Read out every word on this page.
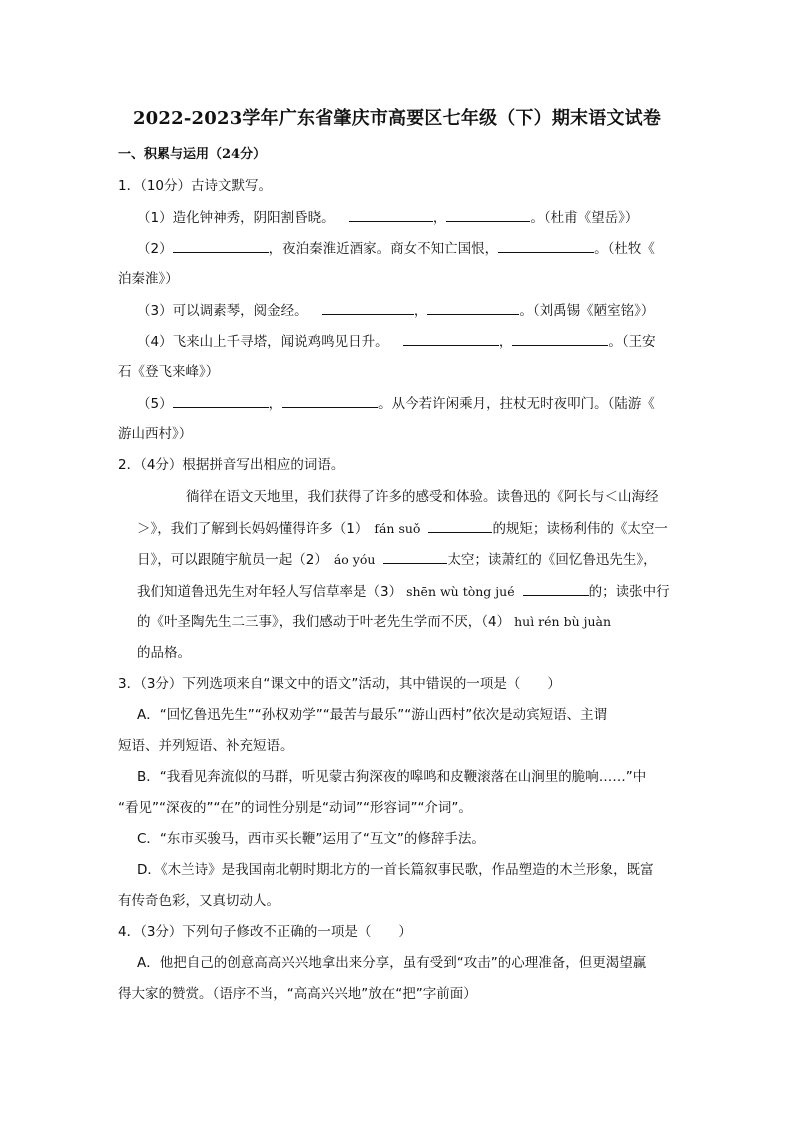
2022-2023学年广东省肇庆市高要区七年级（下）期末语文试卷
一、积累与运用（24分）
1．（10分）古诗文默写。
（1）造化钟神秀，阴阳割昏晓。	，	。（杜甫《望岳》）
（2）	，夜泊秦淮近酒家。商女不知亡国恨，	。（杜牧《
泊秦淮》）
（3）可以调素琴，阅金经。	，	。（刘禹锡《陋室铭》）
（4）飞来山上千寻塔，闻说鸡鸣见日升。	，	。（王安
石《登飞来峰》）
（5）	，	。从今若许闲乘月，拄杖无时夜叩门。（陆游《
游山西村》）
2．（4分）根据拼音写出相应的词语。
徜徉在语文天地里，我们获得了许多的感受和体验。读鲁迅的《阿长与＜山海经
＞》，我们了解到长妈妈懂得许多（1） fán suǒ	的规矩；读杨利伟的《太空一
日》，可以跟随宇航员一起（2） áo yóu	太空；读萧红的《回忆鲁迅先生》，
我们知道鲁迅先生对年轻人写信草率是（3） shēn wù tòng jué	的；读张中行
的《叶圣陶先生二三事》，我们感动于叶老先生学而不厌，（4） huì rén bù juàn
的品格。
3．（3分）下列选项来自“课文中的语文”活动，其中错误的一项是（　　）
A．“回忆鲁迅先生”“孙权劝学”“最苦与最乐”“游山西村”依次是动宾短语、主谓
短语、并列短语、补充短语。
B．“我看见奔流似的马群，听见蒙古狗深夜的嗥鸣和皮鞭滚落在山涧里的脆响……”中
“看见”“深夜的”“在”的词性分别是“动词”“形容词”“介词”。
C．“东市买骏马，西市买长鞭”运用了“互文”的修辞手法。
D．《木兰诗》是我国南北朝时期北方的一首长篇叙事民歌，作品塑造的木兰形象，既富
有传奇色彩，又真切动人。
4．（3分）下列句子修改不正确的一项是（　　）
A．他把自己的创意高高兴兴地拿出来分享，虽有受到“攻击”的心理准备，但更渴望赢
得大家的赞赏。（语序不当，“高高兴兴地”放在“把”字前面）
